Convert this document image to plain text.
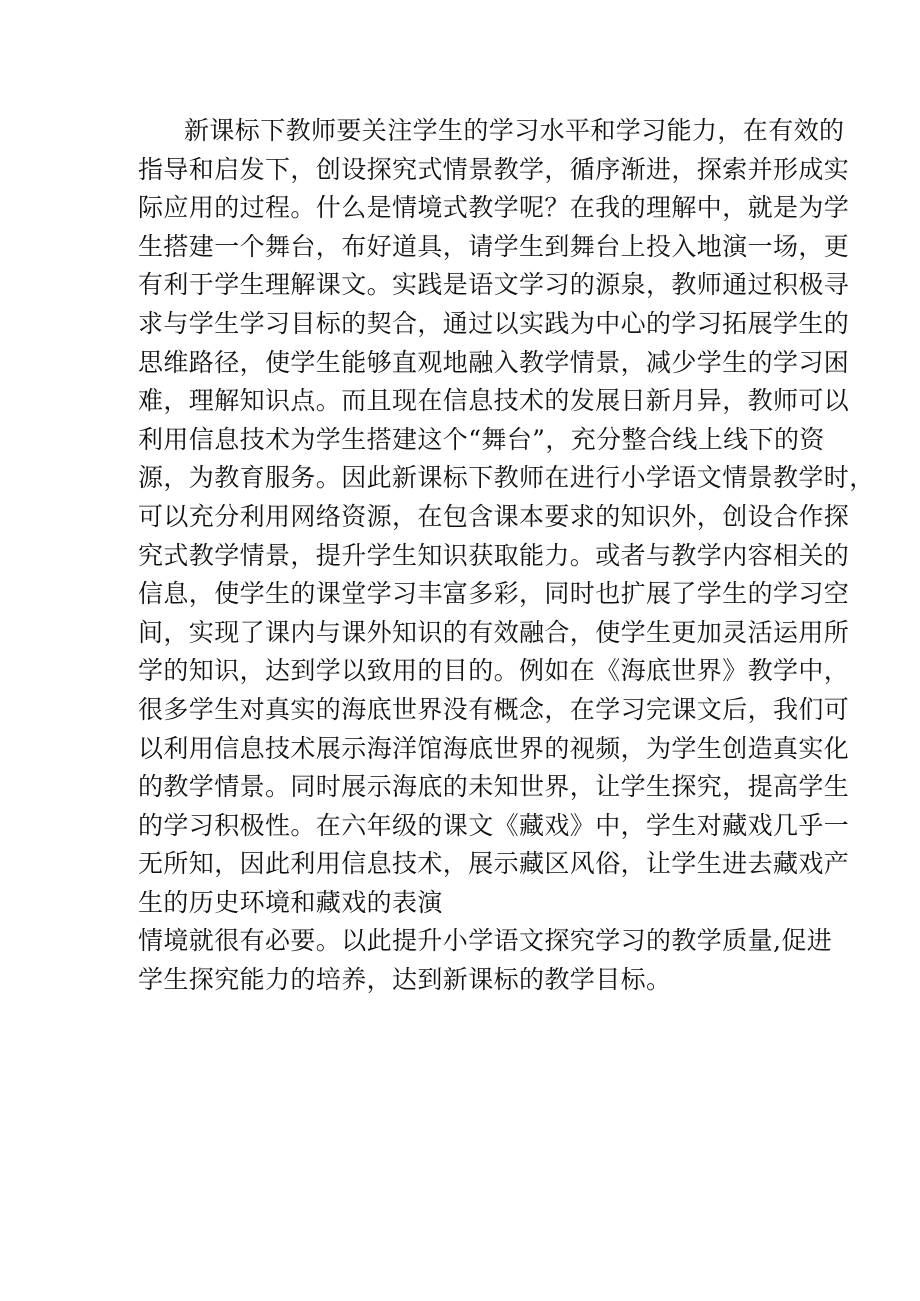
新课标下教师要关注学生的学习水平和学习能力，在有效的
指导和启发下，创设探究式情景教学，循序渐进，探索并形成实
际应用的过程。什么是情境式教学呢？在我的理解中，就是为学
生搭建一个舞台，布好道具，请学生到舞台上投入地演一场，更
有利于学生理解课文。实践是语文学习的源泉，教师通过积极寻
求与学生学习目标的契合，通过以实践为中心的学习拓展学生的
思维路径，使学生能够直观地融入教学情景，减少学生的学习困
难，理解知识点。而且现在信息技术的发展日新月异，教师可以
利用信息技术为学生搭建这个“舞台”，充分整合线上线下的资
源，为教育服务。因此新课标下教师在进行小学语文情景教学时，
可以充分利用网络资源，在包含课本要求的知识外，创设合作探
究式教学情景，提升学生知识获取能力。或者与教学内容相关的
信息，使学生的课堂学习丰富多彩，同时也扩展了学生的学习空
间，实现了课内与课外知识的有效融合，使学生更加灵活运用所
学的知识，达到学以致用的目的。例如在《海底世界》教学中，
很多学生对真实的海底世界没有概念，在学习完课文后，我们可
以利用信息技术展示海洋馆海底世界的视频，为学生创造真实化
的教学情景。同时展示海底的未知世界，让学生探究，提高学生
的学习积极性。在六年级的课文《藏戏》中，学生对藏戏几乎一
无所知，因此利用信息技术，展示藏区风俗，让学生进去藏戏产
生的历史环境和藏戏的表演
情境就很有必要。以此提升小学语文探究学习的教学质量,促进
学生探究能力的培养，达到新课标的教学目标。
